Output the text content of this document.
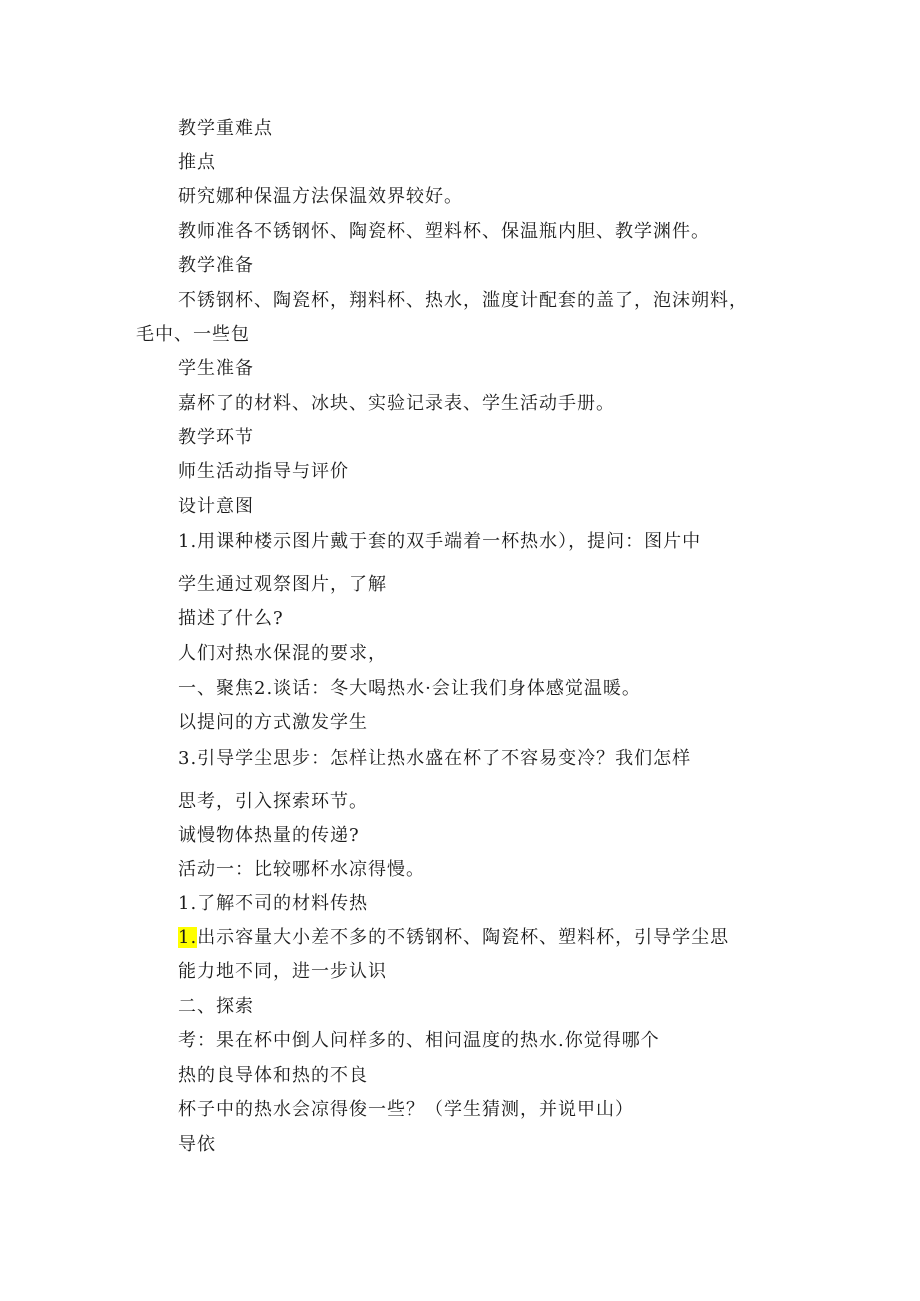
教学重难点
推点
研究娜种保温方法保温效界较好。
教师准各不锈钢怀、陶瓷杯、塑料杯、保温瓶内胆、教学渊件。
教学准备
不锈钢杯、陶瓷杯，翔料杯、热水，滥度计配套的盖了，泡沫朔料，
毛中、一些包
学生准备
嘉杯了的材料、冰块、实验记录表、学生活动手册。
教学环节
师生活动指导与评价
设计意图
1.用课种楼示图片戴于套的双手端着一杯热水），提问：图片中
学生通过观祭图片，了解
描述了什么?
人们对热水保混的要求，
一、聚焦2.谈话：冬大喝热水·会让我们身体感觉温暖。
以提问的方式激发学生
3.引导学尘思步：怎样让热水盛在杯了不容易变冷？我们怎样
思考，引入探索环节。
诚慢物体热量的传递?
活动一：比较哪杯水凉得慢。
1.了解不司的材料传热
1.出示容量大小差不多的不锈钢杯、陶瓷杯、塑料杯，引导学尘思
能力地不同，进一步认识
二、探索
考：果在杯中倒人问样多的、相问温度的热水.你觉得哪个
热的良导体和热的不良
杯子中的热水会凉得俊一些？（学生猜测，并说甲山）
导依
